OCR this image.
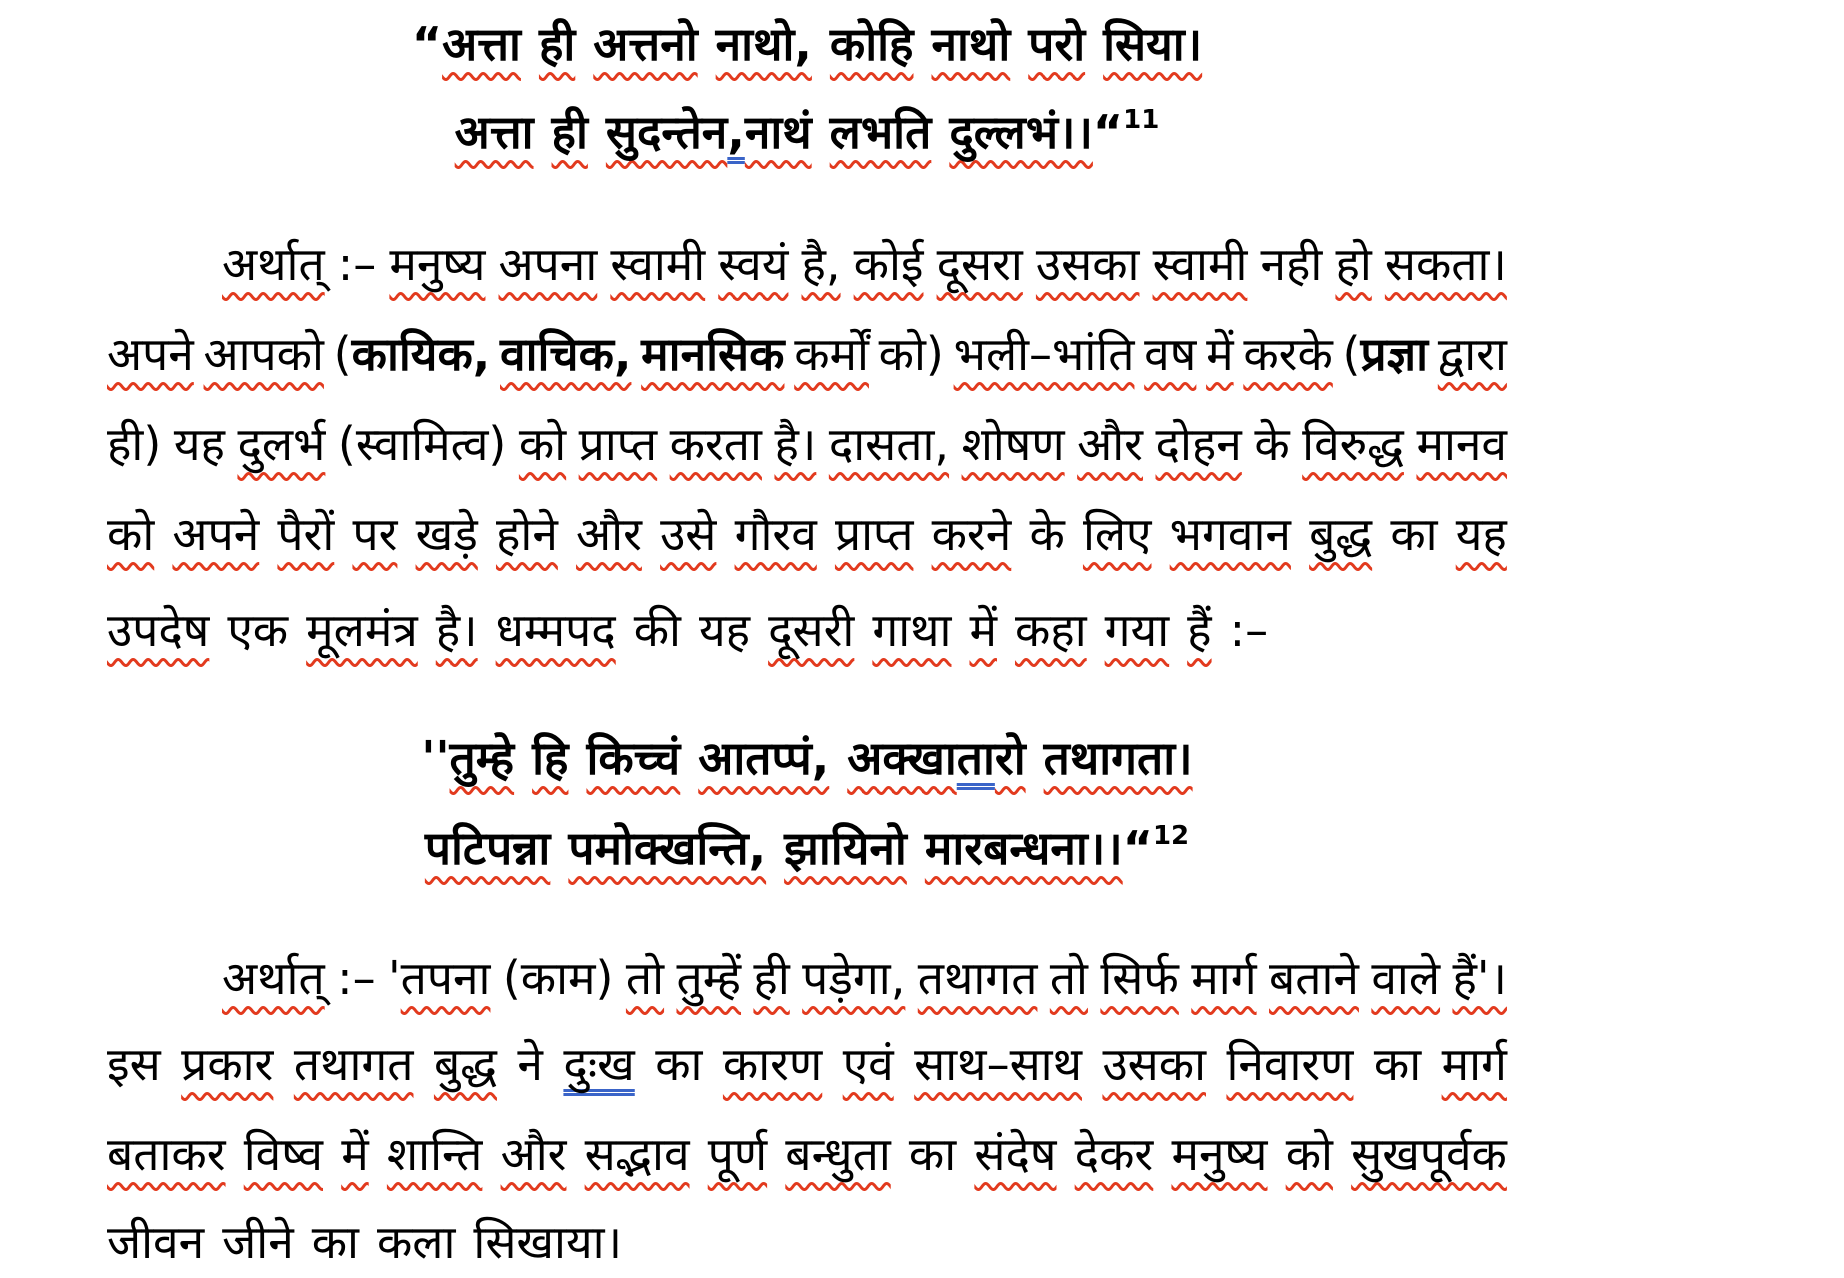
“अत्ता ही अत्तनो नाथो, कोहि नाथो परो सिया।
अत्ता ही सुदन्तेन,नाथं लभति दुल्लभं।।“$^{11}$
अर्थात् :– मनुष्य अपना स्वामी स्वयं है, कोई दूसरा उसका स्वामी नही हो सकता।
अपने आपको (कायिक, वाचिक, मानसिक कर्मों को) भली–भांति वष में करके (प्रज्ञा द्वारा
ही) यह दुलर्भ (स्वामित्व) को प्राप्त करता है। दासता, शोषण और दोहन के विरुद्ध मानव
को अपने पैरों पर खड़े होने और उसे गौरव प्राप्त करने के लिए भगवान बुद्ध का यह
उपदेष एक मूलमंत्र है। धम्मपद की यह दूसरी गाथा में कहा गया हैं :–
''तुम्हे हि किच्चं आतप्पं, अक्खातारो तथागता।
पटिपन्ना पमोक्खन्ति, झायिनो मारबन्धना।।“$^{12}$
अर्थात् :– 'तपना (काम) तो तुम्हें ही पड़ेगा, तथागत तो सिर्फ मार्ग बताने वाले हैं'।
इस प्रकार तथागत बुद्ध ने दुःख का कारण एवं साथ–साथ उसका निवारण का मार्ग
बताकर विष्व में शान्ति और सद्भाव पूर्ण बन्धुता का संदेष देकर मनुष्य को सुखपूर्वक
जीवन जीने का कला सिखाया।
